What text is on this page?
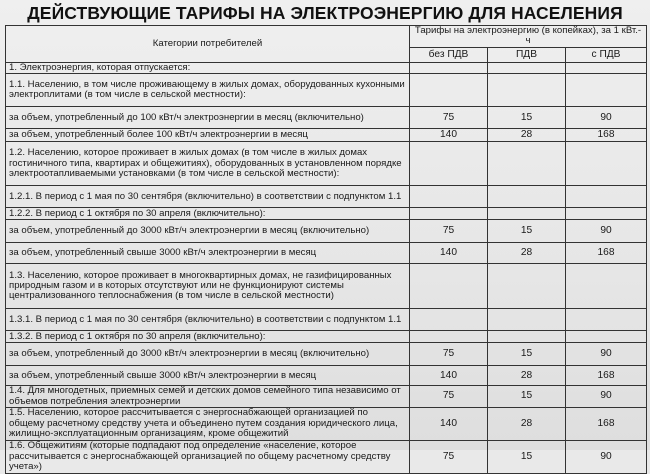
ДЕЙСТВУЮЩИЕ ТАРИФЫ НА ЭЛЕКТРОЭНЕРГИЮ ДЛЯ НАСЕЛЕНИЯ
Категории потребителей	Тарифы на электроэнергию (в копейках), за 1 кВт.-ч		
	без ПДВ	ПДВ	с ПДВ
1. Электроэнергия, которая отпускается:			
1.1. Населению, в том числе проживающему в жилых домах, оборудованных кухонными электроплитами (в том числе в сельской местности):			
за объем, употребленный до 100 кВт/ч электроэнергии в месяц (включительно)	75	15	90
за объем, употребленный более 100 кВт/ч электроэнергии в месяц	140	28	168
1.2. Населению, которое проживает в жилых домах (в том числе в жилых домах гостиничного типа, квартирах и общежитиях), оборудованных в установленном порядке электроотапливаемыми установками (в том числе в сельской местности):			
1.2.1. В период с 1 мая по 30 сентября (включительно) в соответствии с подпунктом 1.1			
1.2.2. В период с 1 октября по 30 апреля (включительно):			
за объем, употребленный до 3000 кВт/ч электроэнергии в месяц (включительно)	75	15	90
за объем, употребленный свыше 3000 кВт/ч электроэнергии в месяц	140	28	168
1.3. Населению, которое проживает в многоквартирных домах, не газифицированных природным газом и в которых отсутствуют или не функционируют системы централизованного теплоснабжения (в том числе в сельской местности)			
1.3.1. В период с 1 мая по 30 сентября (включительно) в соответствии с подпунктом 1.1			
1.3.2. В период с 1 октября по 30 апреля (включительно):			
за объем, употребленный до 3000 кВт/ч электроэнергии в месяц (включительно)	75	15	90
за объем, употребленный свыше 3000 кВт/ч электроэнергии в месяц	140	28	168
1.4. Для многодетных, приемных семей и детских домов семейного типа независимо от объемов потребления электроэнергии	75	15	90
1.5. Населению, которое рассчитывается с энергоснабжающей организацией по общему расчетному средству учета и объединено путем создания юридического лица, жилищно-эксплуатационным организациям, кроме общежитий	140	28	168
1.6. Общежитиям (которые подпадают под определение «население, которое рассчитывается с энергоснабжающей организацией по общему расчетному средству учета»)	75	15	90
